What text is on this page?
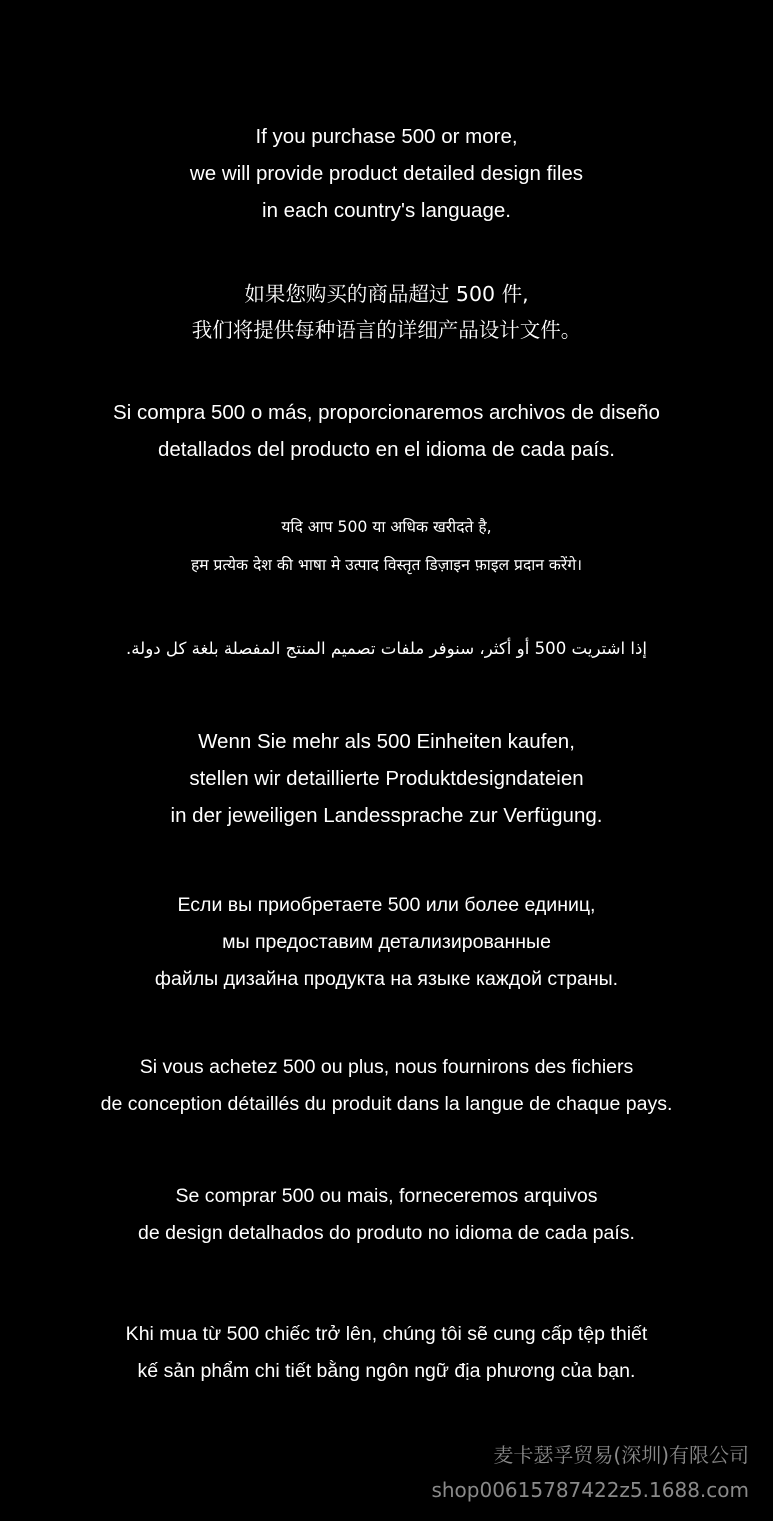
If you purchase 500 or more,
we will provide product detailed design files
in each country's language.
如果您购买的商品超过 500 件,
我们将提供每种语言的详细产品设计文件。
Si compra 500 o más, proporcionaremos archivos de diseño
detallados del producto en el idioma de cada país.
यदि आप 500 या अधिक खरीदते है,
हम प्रत्येक देश की भाषा मे उत्पाद विस्तृत डिज़ाइन फ़ाइल प्रदान करेंगे।
إذا اشتريت 500 أو أكثر، سنوفر ملفات تصميم المنتج المفصلة بلغة كل دولة.
Wenn Sie mehr als 500 Einheiten kaufen,
stellen wir detaillierte Produktdesigndateien
in der jeweiligen Landessprache zur Verfügung.
Если вы приобретаете 500 или более единиц,
мы предоставим детализированные
файлы дизайна продукта на языке каждой страны.
Si vous achetez 500 ou plus, nous fournirons des fichiers
de conception détaillés du produit dans la langue de chaque pays.
Se comprar 500 ou mais, forneceremos arquivos
de design detalhados do produto no idioma de cada país.
Khi mua từ 500 chiếc trở lên, chúng tôi sẽ cung cấp tệp thiết
kế sản phẩm chi tiết bằng ngôn ngữ địa phương của bạn.
麦卡瑟孚贸易(深圳)有限公司
shop00615787422z5.1688.com
